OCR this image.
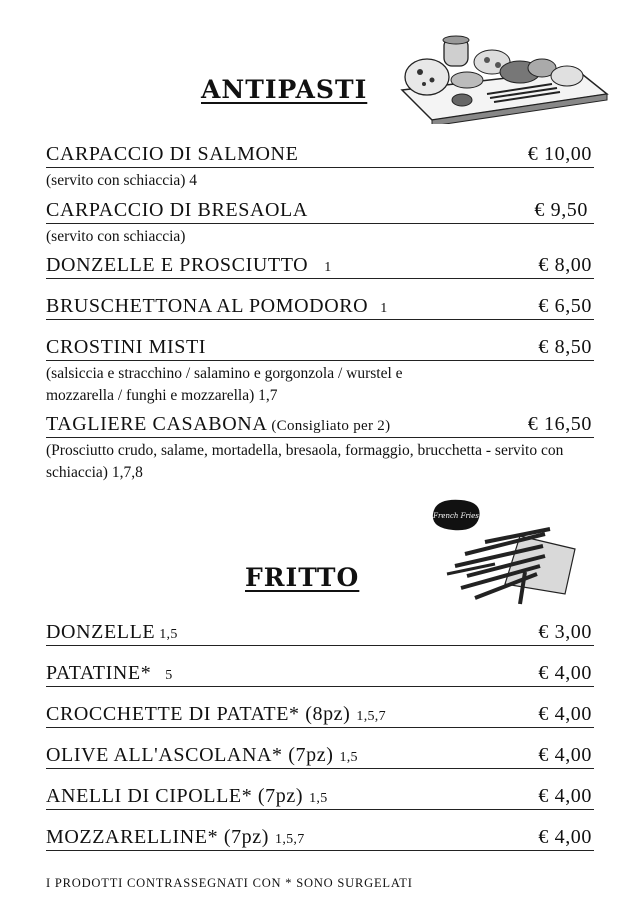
ANTIPASTI
CARPACCIO DI SALMONE	€ 10,00
(servito con schiaccia) 4
CARPACCIO DI BRESAOLA	€ 9,50
(servito con schiaccia)
DONZELLE E PROSCIUTTO 1	€ 8,00
BRUSCHETTONA AL POMODORO 1	€ 6,50
CROSTINI MISTI	€ 8,50
(salsiccia e stracchino / salamino e gorgonzola / wurstel e mozzarella / funghi e mozzarella) 1,7
TAGLIERE CASABONA (Consigliato per 2)	€ 16,50
(Prosciutto crudo, salame, mortadella, bresaola, formaggio, brucchetta - servito con schiaccia) 1,7,8
French Fries
FRITTO
DONZELLE 1,5	€ 3,00
PATATINE* 5	€ 4,00
CROCCHETTE DI PATATE* (8pz) 1,5,7	€ 4,00
OLIVE ALL'ASCOLANA* (7pz) 1,5	€ 4,00
ANELLI DI CIPOLLE* (7pz) 1,5	€ 4,00
MOZZARELLINE* (7pz) 1,5,7	€ 4,00

I PRODOTTI CONTRASSEGNATI CON * SONO SURGELATI
